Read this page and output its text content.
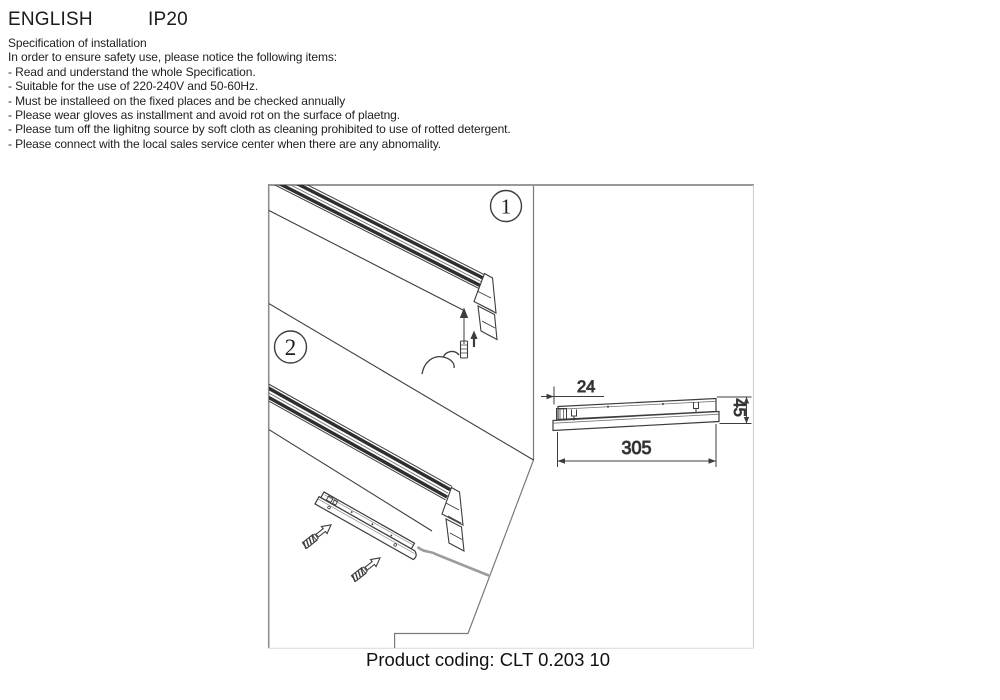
ENGLISH	IP20
Specification of installation
In order to ensure safety use, please notice the following items:
- Read and understand the whole Specification.
- Suitable for the use of 220-240V and 50-60Hz.
- Must be installeed on the fixed places and be checked annually
- Please wear gloves as installment and avoid rot on the surface of plaetng.
- Please tum off the lighitng source by soft cloth as cleaning prohibited to use of rotted detergent.
- Please connect with the local sales service center when there are any abnomality.
1
2
24
45
305
Product coding: CLT 0.203 10
